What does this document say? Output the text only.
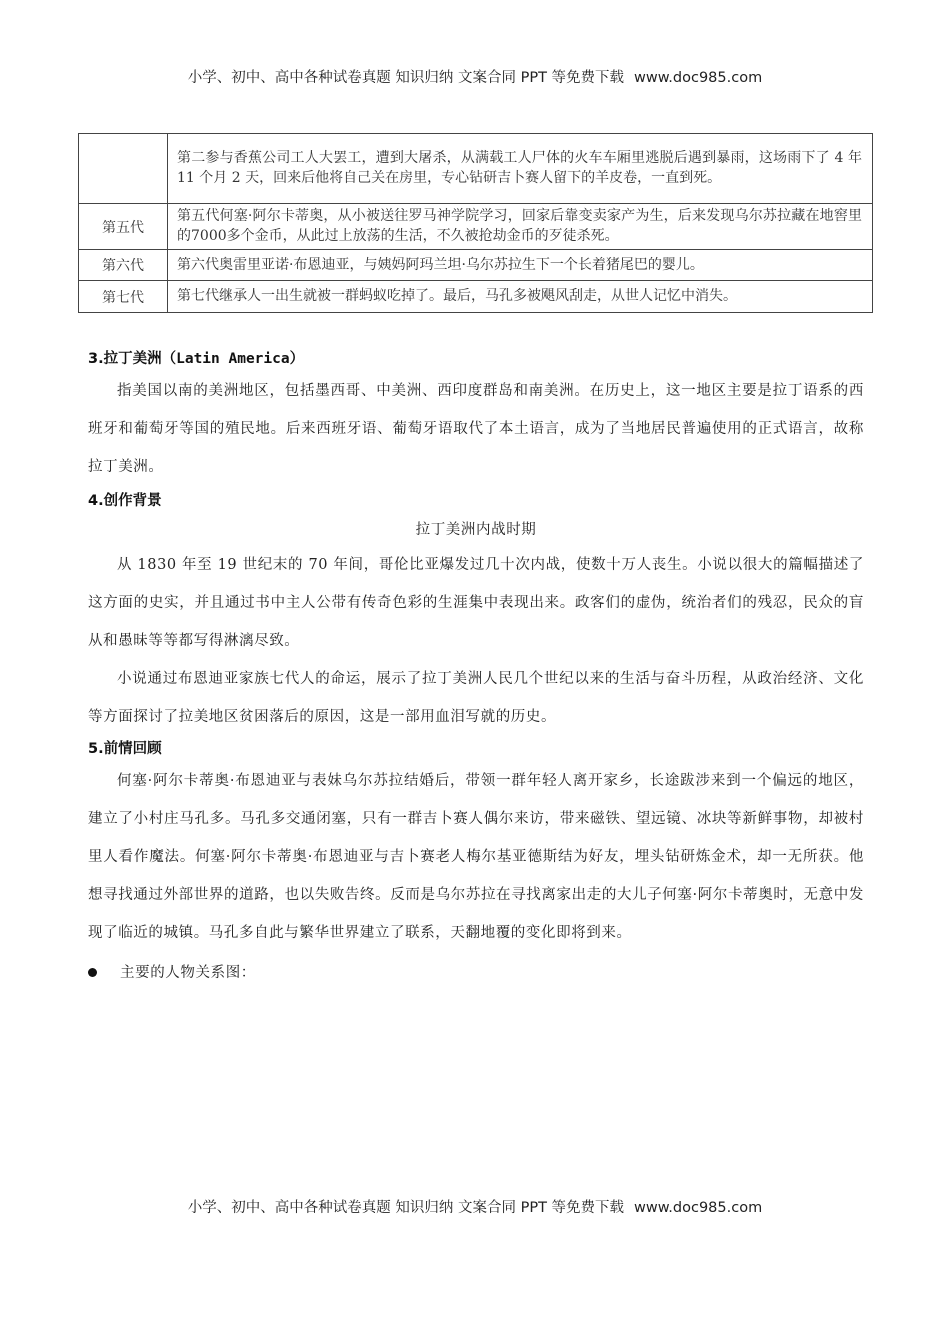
小学、初中、高中各种试卷真题 知识归纳 文案合同 PPT 等免费下载 www.doc985.com
	第二参与香蕉公司工人大罢工，遭到大屠杀，从满载工人尸体的火车车厢里逃脱后遇到暴雨，这场雨下了 4 年 11 个月 2 天，回来后他将自己关在房里，专心钻研吉卜赛人留下的羊皮卷，一直到死。
第五代	第五代何塞·阿尔卡蒂奥，从小被送往罗马神学院学习，回家后靠变卖家产为生，后来发现乌尔苏拉藏在地窖里的7000多个金币，从此过上放荡的生活，不久被抢劫金币的歹徒杀死。
第六代	第六代奥雷里亚诺·布恩迪亚，与姨妈阿玛兰坦·乌尔苏拉生下一个长着猪尾巴的婴儿。
第七代	第七代继承人一出生就被一群蚂蚁吃掉了。最后，马孔多被飓风刮走，从世人记忆中消失。
3.拉丁美洲（Latin America）

指美国以南的美洲地区，包括墨西哥、中美洲、西印度群岛和南美洲。在历史上，这一地区主要是拉丁语系的西班牙和葡萄牙等国的殖民地。后来西班牙语、葡萄牙语取代了本土语言，成为了当地居民普遍使用的正式语言，故称拉丁美洲。

4.创作背景
拉丁美洲内战时期

从 1830 年至 19 世纪末的 70 年间，哥伦比亚爆发过几十次内战，使数十万人丧生。小说以很大的篇幅描述了这方面的史实，并且通过书中主人公带有传奇色彩的生涯集中表现出来。政客们的虚伪，统治者们的残忍，民众的盲从和愚昧等等都写得淋漓尽致。

小说通过布恩迪亚家族七代人的命运，展示了拉丁美洲人民几个世纪以来的生活与奋斗历程，从政治经济、文化等方面探讨了拉美地区贫困落后的原因，这是一部用血泪写就的历史。

5.前情回顾

何塞·阿尔卡蒂奥·布恩迪亚与表妹乌尔苏拉结婚后，带领一群年轻人离开家乡，长途跋涉来到一个偏远的地区，建立了小村庄马孔多。马孔多交通闭塞，只有一群吉卜赛人偶尔来访，带来磁铁、望远镜、冰块等新鲜事物，却被村里人看作魔法。何塞·阿尔卡蒂奥·布恩迪亚与吉卜赛老人梅尔基亚德斯结为好友，埋头钻研炼金术，却一无所获。他想寻找通过外部世界的道路，也以失败告终。反而是乌尔苏拉在寻找离家出走的大儿子何塞·阿尔卡蒂奥时，无意中发现了临近的城镇。马孔多自此与繁华世界建立了联系，天翻地覆的变化即将到来。

主要的人物关系图：
小学、初中、高中各种试卷真题 知识归纳 文案合同 PPT 等免费下载 www.doc985.com
